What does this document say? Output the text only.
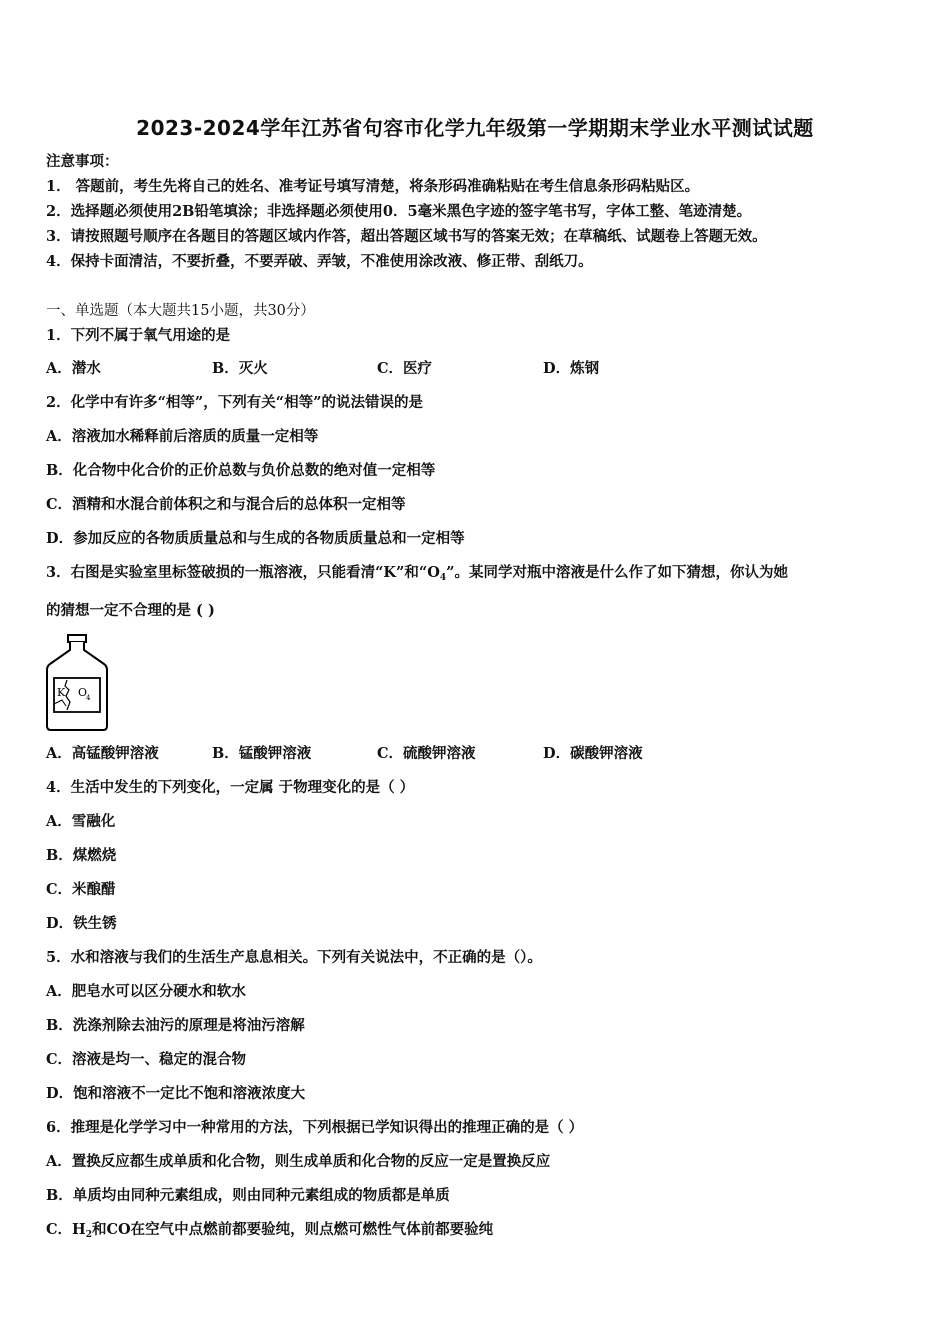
2023-2024学年江苏省句容市化学九年级第一学期期末学业水平测试试题
注意事项：
1． 答题前，考生先将自己的姓名、准考证号填写清楚，将条形码准确粘贴在考生信息条形码粘贴区。
2．选择题必须使用2B铅笔填涂；非选择题必须使用0．5毫米黑色字迹的签字笔书写，字体工整、笔迹清楚。
3．请按照题号顺序在各题目的答题区域内作答，超出答题区域书写的答案无效；在草稿纸、试题卷上答题无效。
4．保持卡面清洁，不要折叠，不要弄破、弄皱，不准使用涂改液、修正带、刮纸刀。
一、单选题（本大题共15小题，共30分）
1．下列不属于氧气用途的是
A．潜水	B．灭火	C．医疗	D．炼钢
2．化学中有许多“相等”，下列有关“相等”的说法错误的是
A．溶液加水稀释前后溶质的质量一定相等
B．化合物中化合价的正价总数与负价总数的绝对值一定相等
C．酒精和水混合前体积之和与混合后的总体积一定相等
D．参加反应的各物质质量总和与生成的各物质质量总和一定相等
3．右图是实验室里标签破损的一瓶溶液，只能看清“K”和“$O_4$”。某同学对瓶中溶液是什么作了如下猜想，你认为她
的猜想一定不合理的是 ( )
K O
4
A．高锰酸钾溶液	B．锰酸钾溶液	C．硫酸钾溶液	D．碳酸钾溶液
4．生活中发生的下列变化，一定属 于物理变化的是（ ）
A．雪融化
B．煤燃烧
C．米酿醋
D．铁生锈
5．水和溶液与我们的生活生产息息相关。下列有关说法中，不正确的是（）。
A．肥皂水可以区分硬水和软水
B．洗涤剂除去油污的原理是将油污溶解
C．溶液是均一、稳定的混合物
D．饱和溶液不一定比不饱和溶液浓度大
6．推理是化学学习中一种常用的方法，下列根据已学知识得出的推理正确的是（ ）
A．置换反应都生成单质和化合物，则生成单质和化合物的反应一定是置换反应
B．单质均由同种元素组成，则由同种元素组成的物质都是单质
C．$H_2$和CO在空气中点燃前都要验纯，则点燃可燃性气体前都要验纯
